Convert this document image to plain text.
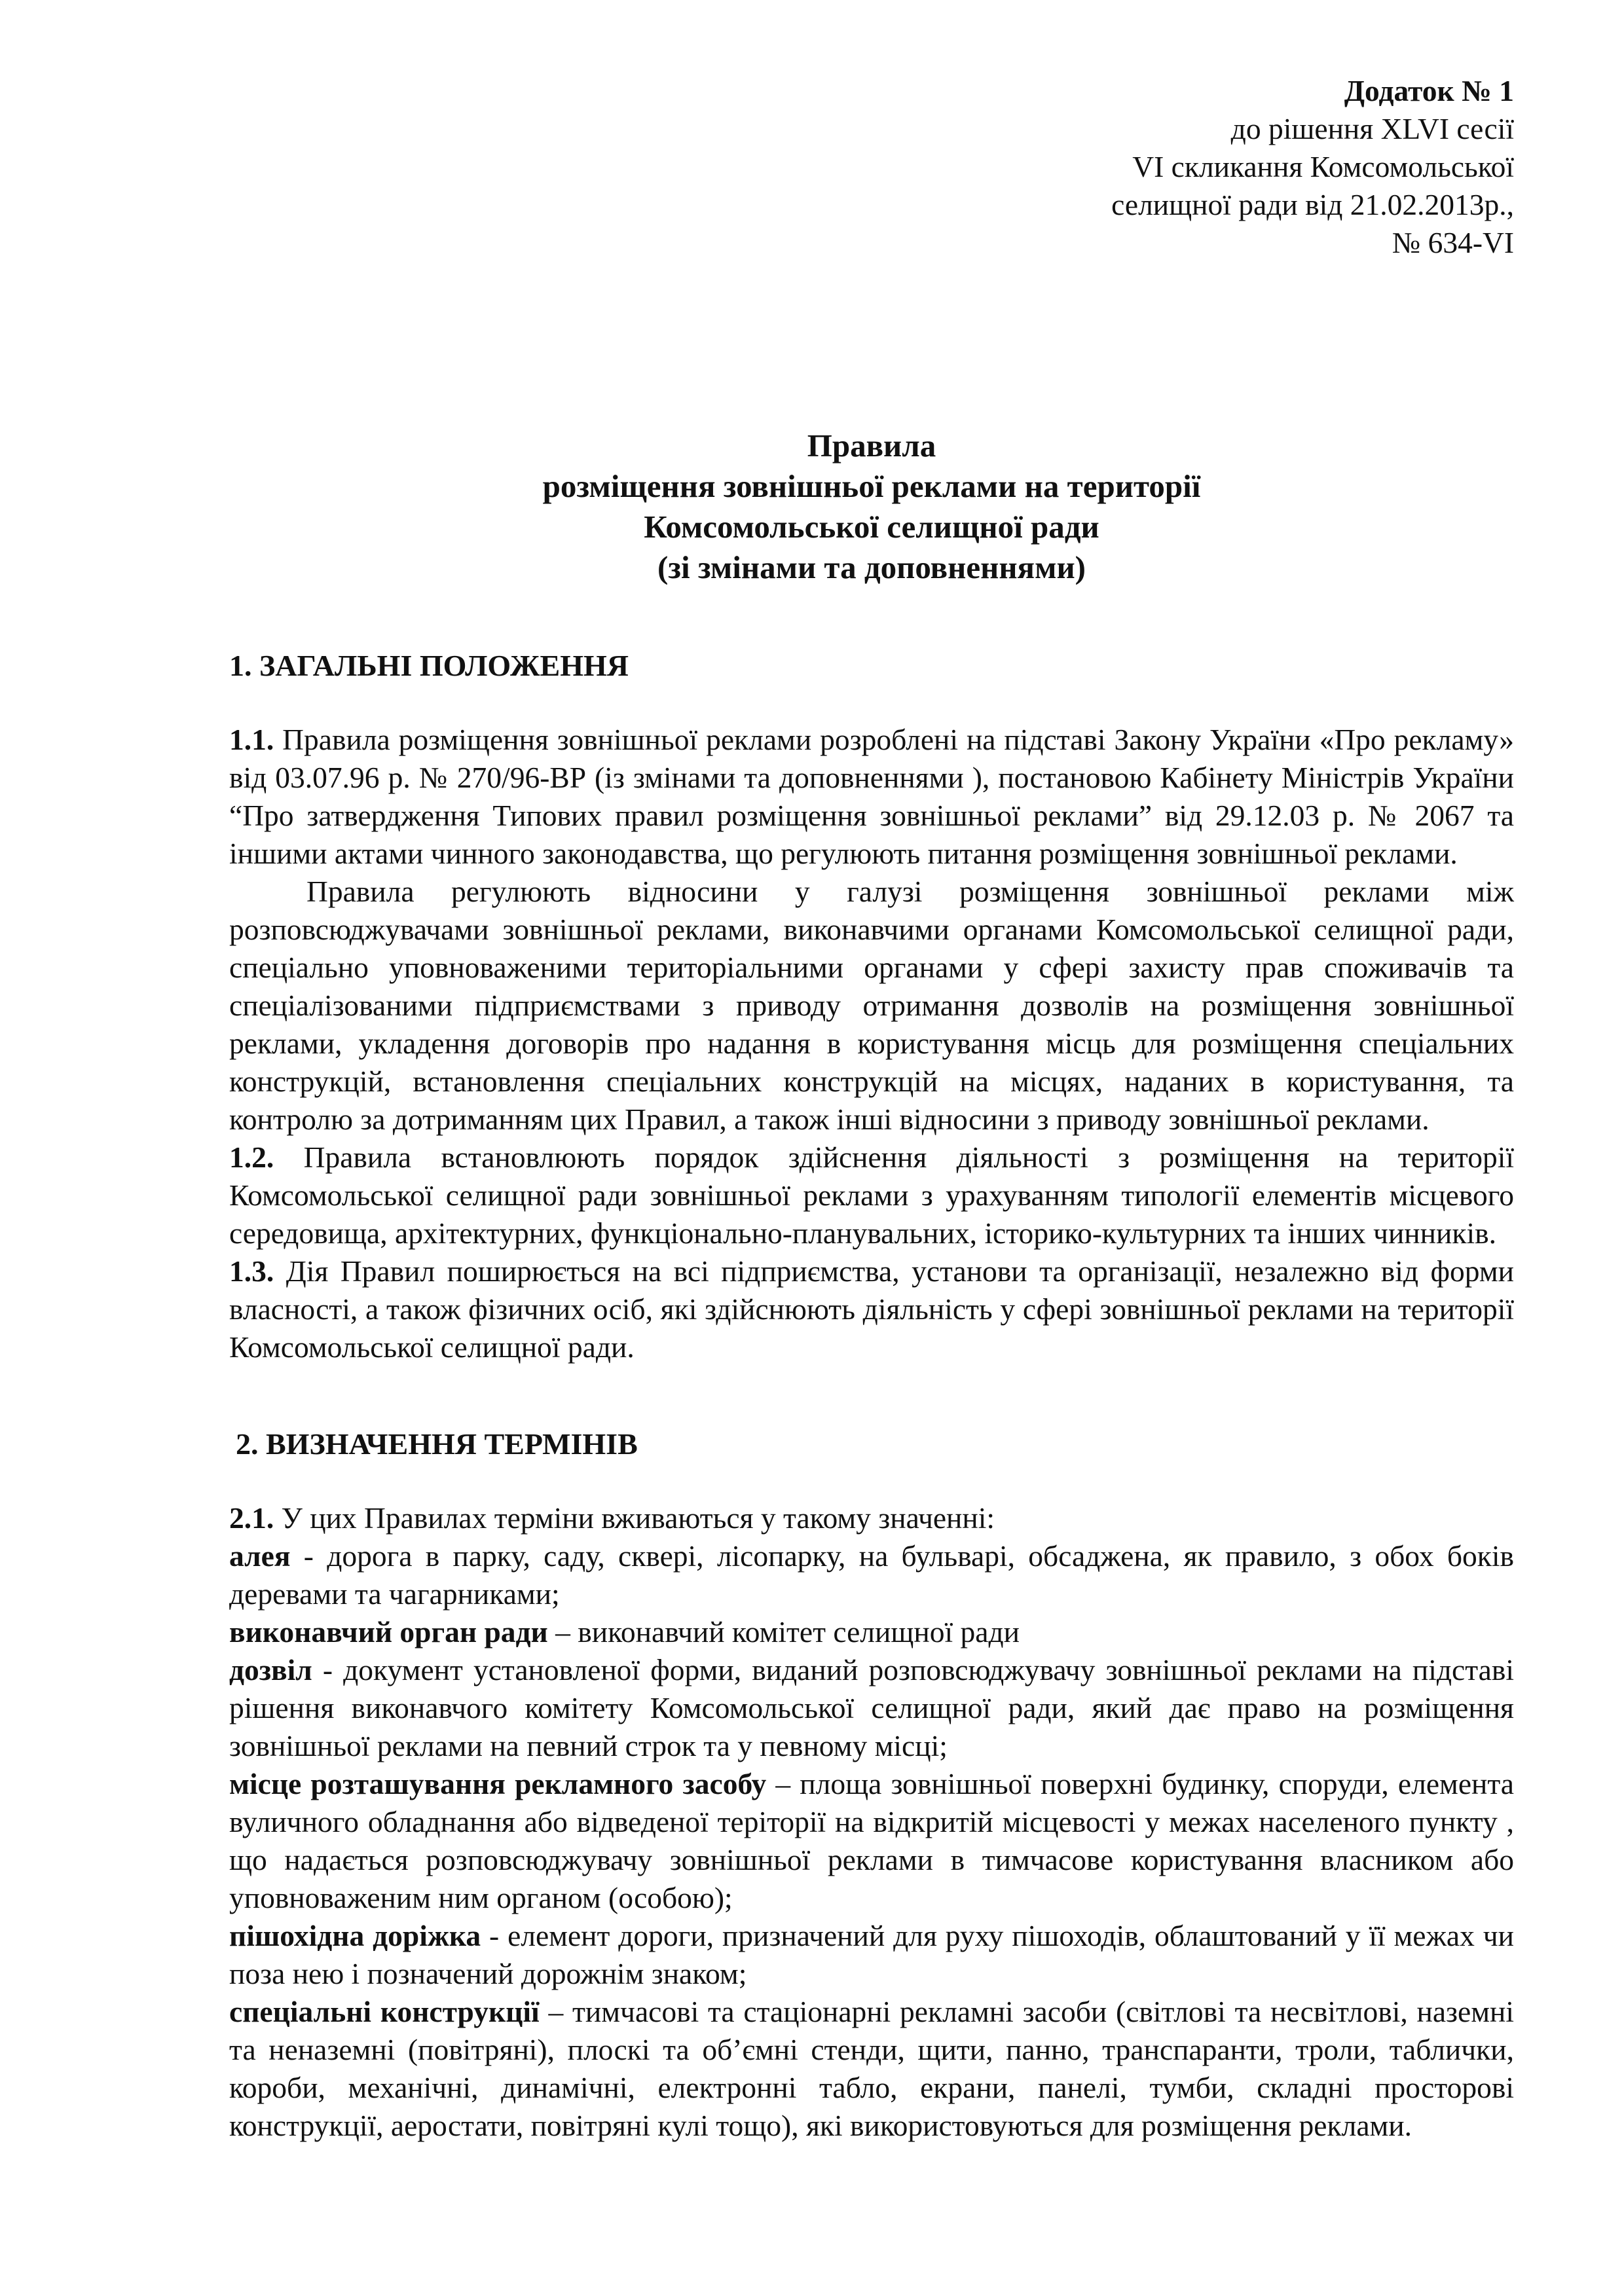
Додаток № 1
до рішення XLVI сесії
VI скликання Комсомольської
селищної ради від 21.02.2013р.,
№ 634-VI
Правила
розміщення зовнішньої реклами на території
Комсомольської селищної ради
(зі змінами та доповненнями)

1. ЗАГАЛЬНІ ПОЛОЖЕННЯ

1.1. Правила розміщення зовнішньої реклами розроблені на підставі Закону України «Про рекламу» від 03.07.96 р. № 270/96-ВР (із змінами та доповненнями ), постановою Кабінету Міністрів України “Про затвердження Типових правил розміщення зовнішньої реклами” від 29.12.03 р. № 2067 та іншими актами чинного законодавства, що регулюють питання розміщення зовнішньої реклами.

Правила регулюють відносини у галузі розміщення зовнішньої реклами між розповсюджувачами зовнішньої реклами, виконавчими органами Комсомольської селищної ради, спеціально уповноваженими територіальними органами у сфері захисту прав споживачів та спеціалізованими підприємствами з приводу отримання дозволів на розміщення зовнішньої реклами, укладення договорів про надання в користування місць для розміщення спеціальних конструкцій, встановлення спеціальних конструкцій на місцях, наданих в користування, та контролю за дотриманням цих Правил, а також інші відносини з приводу зовнішньої реклами.

1.2. Правила встановлюють порядок здійснення діяльності з розміщення на території Комсомольської селищної ради зовнішньої реклами з урахуванням типології елементів місцевого середовища, архітектурних, функціонально-планувальних, історико-культурних та інших чинників.

1.3. Дія Правил поширюється на всі підприємства, установи та організації, незалежно від форми власності, а також фізичних осіб, які здійснюють діяльність у сфері зовнішньої реклами на території Комсомольської селищної ради.

2. ВИЗНАЧЕННЯ ТЕРМІНІВ

2.1. У цих Правилах терміни вживаються у такому значенні:

алея - дорога в парку, саду, сквері, лісопарку, на бульварі, обсаджена, як правило, з обох боків деревами та чагарниками;

виконавчий орган ради – виконавчий комітет селищної ради

дозвіл - документ установленої форми, виданий розповсюджувачу зовнішньої реклами на підставі рішення виконавчого комітету Комсомольської селищної ради, який дає право на розміщення зовнішньої реклами на певний строк та у певному місці;

місце розташування рекламного засобу – площа зовнішньої поверхні будинку, споруди, елемента вуличного обладнання або відведеної теріторії на відкритій місцевості у межах населеного пункту , що надається розповсюджувачу зовнішньої реклами в тимчасове користування власником або уповноваженим ним органом (особою);

пішохідна доріжка - елемент дороги, призначений для руху пішоходів, облаштований у її межах чи поза нею і позначений дорожнім знаком;

спеціальні конструкції – тимчасові та стаціонарні рекламні засоби (світлові та несвітлові, наземні та неназемні (повітряні), плоскі та об’ємні стенди, щити, панно, транспаранти, троли, таблички, короби, механічні, динамічні, електронні табло, екрани, панелі, тумби, складні просторові конструкції, аеростати, повітряні кулі тощо), які використовуються для розміщення реклами.
